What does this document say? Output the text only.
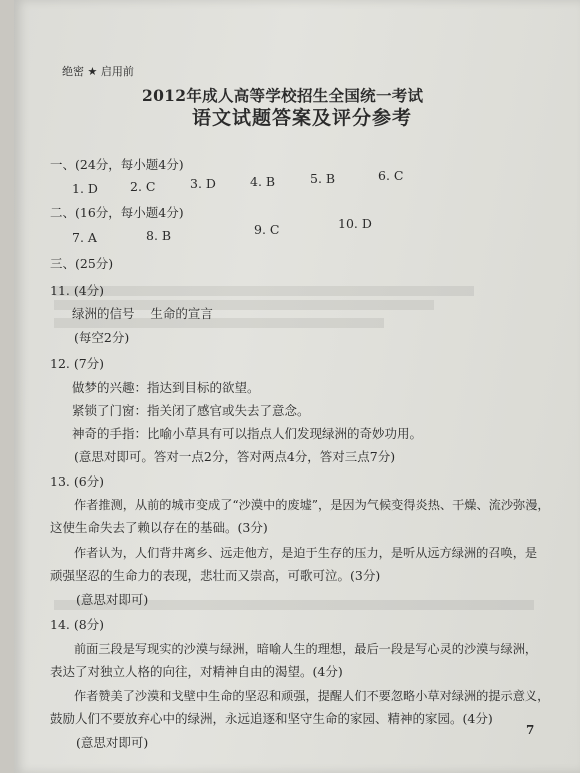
绝密 ★ 启用前
2012年成人高等学校招生全国统一考试
语文试题答案及评分参考
一、(24分，每小题4分)
1. D	2. C	3. D	4. B	5. B	6. C
二、(16分，每小题4分)
7. A	8. B	9. C	10. D
三、(25分)
11. (4分)
绿洲的信号    生命的宣言
(每空2分)
12. (7分)
做梦的兴趣：指达到目标的欲望。
紧锁了门窗：指关闭了感官或失去了意念。
神奇的手指：比喻小草具有可以指点人们发现绿洲的奇妙功用。
(意思对即可。答对一点2分，答对两点4分，答对三点7分)
13. (6分)
作者推测，从前的城市变成了“沙漠中的废墟”，是因为气候变得炎热、干燥、流沙弥漫，
这使生命失去了赖以存在的基础。(3分)
作者认为，人们背井离乡、远走他方，是迫于生存的压力，是听从远方绿洲的召唤，是
顽强坚忍的生命力的表现，悲壮而又崇高，可歌可泣。(3分)
(意思对即可)
14. (8分)
前面三段是写现实的沙漠与绿洲，暗喻人生的理想，最后一段是写心灵的沙漠与绿洲，
表达了对独立人格的向往，对精神自由的渴望。(4分)
作者赞美了沙漠和戈壁中生命的坚忍和顽强，提醒人们不要忽略小草对绿洲的提示意义，
鼓励人们不要放弃心中的绿洲，永远追逐和坚守生命的家园、精神的家园。(4分)
(意思对即可)
7
